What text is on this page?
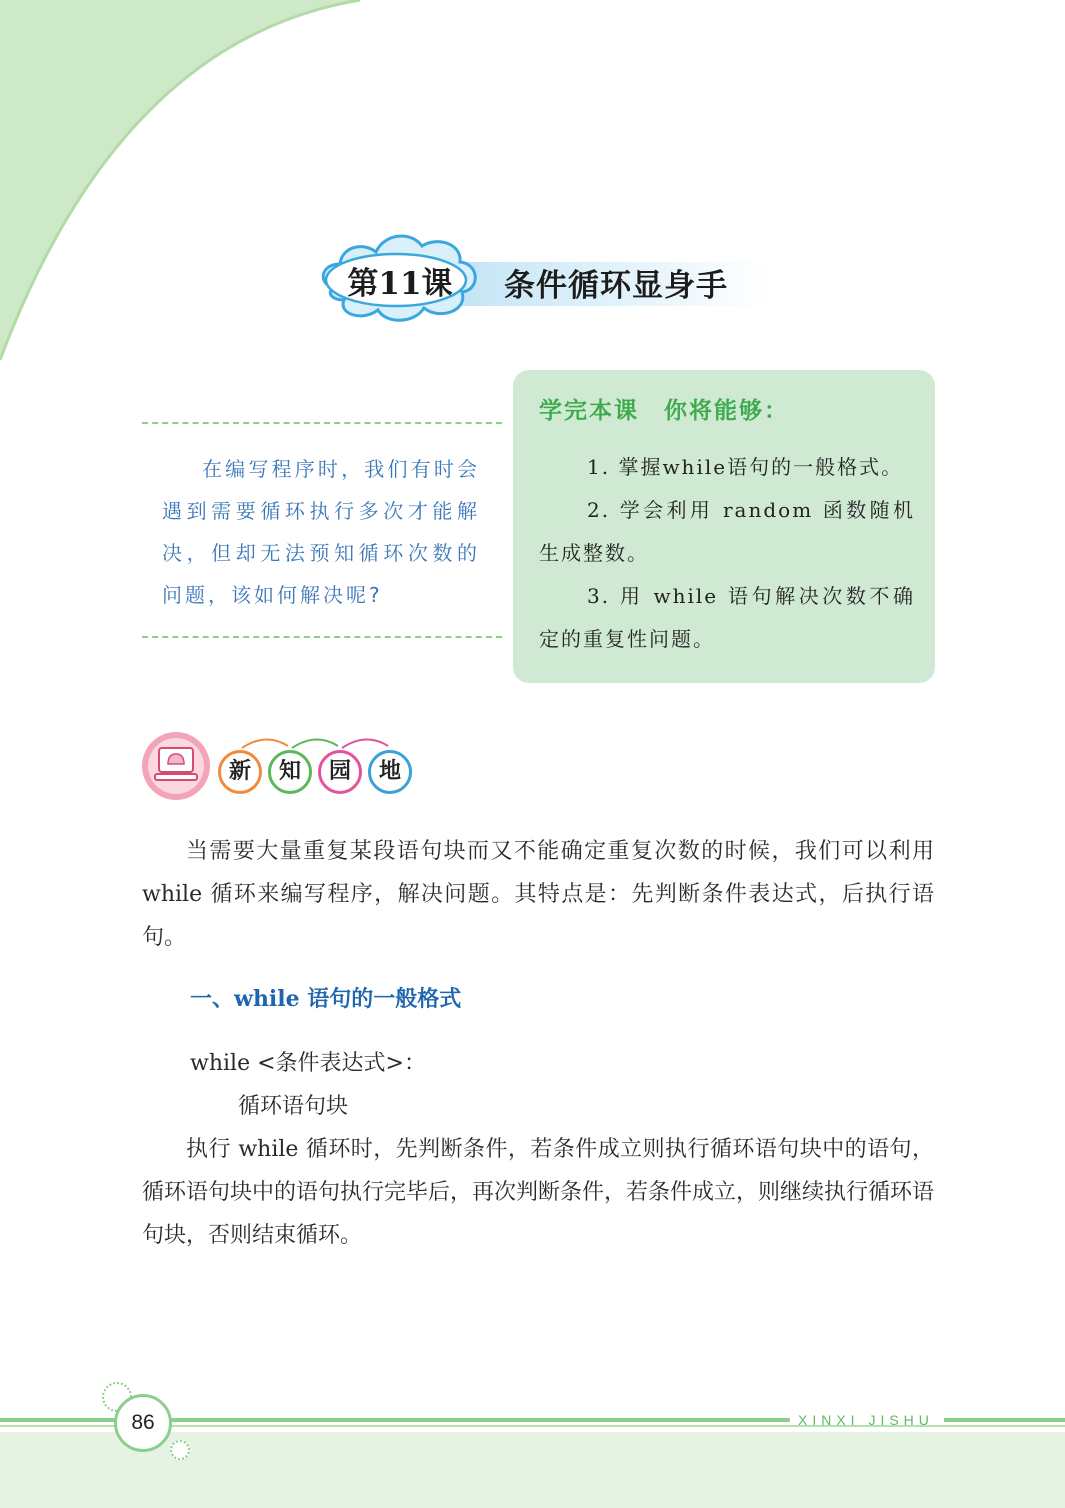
第11课	条件循环显身手
在编写程序时，我们有时会遇到需要循环执行多次才能解决，但却无法预知循环次数的问题，该如何解决呢?
学完本课　你将能够：
1. 掌握while语句的一般格式。
2. 学会利用 random 函数随机生成整数。
3. 用 while 语句解决次数不确定的重复性问题。
新	知	园	地
当需要大量重复某段语句块而又不能确定重复次数的时候，我们可以利用 while 循环来编写程序，解决问题。其特点是：先判断条件表达式，后执行语句。
一、while 语句的一般格式
while <条件表达式>：
循环语句块
执行 while 循环时，先判断条件，若条件成立则执行循环语句块中的语句，循环语句块中的语句执行完毕后，再次判断条件，若条件成立，则继续执行循环语句块，否则结束循环。
86	XINXI JISHU
